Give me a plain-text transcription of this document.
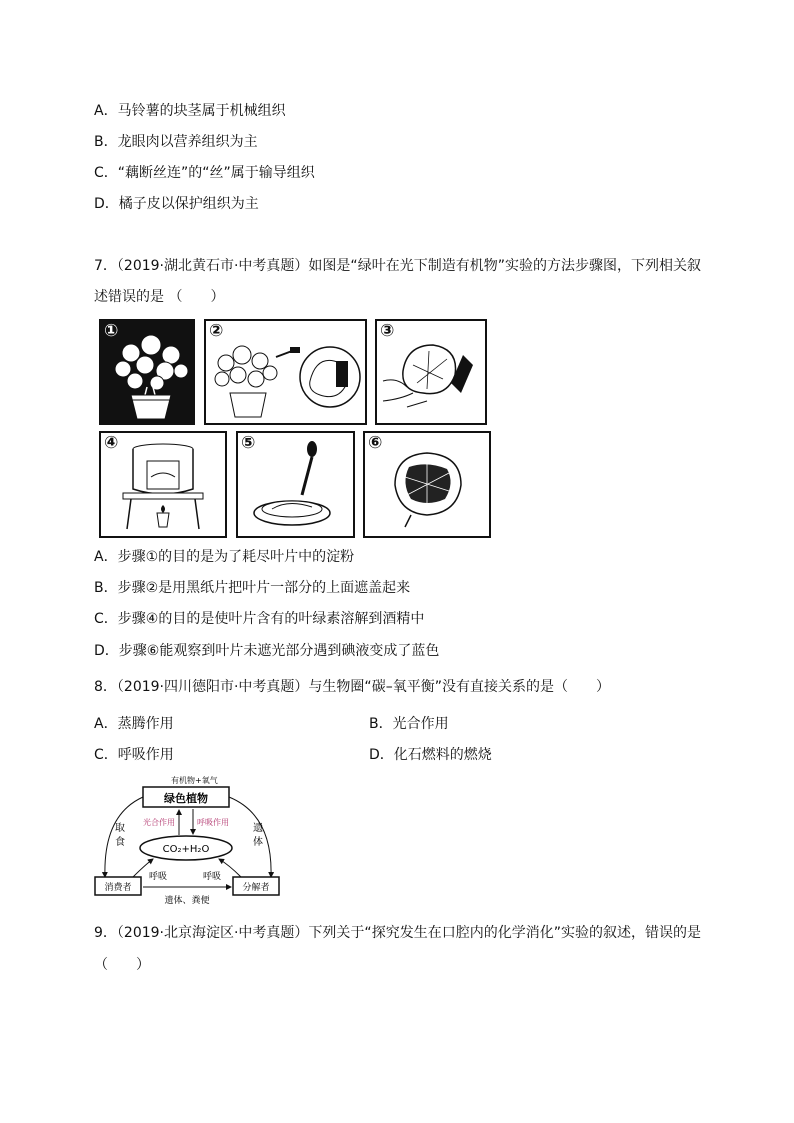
A．马铃薯的块茎属于机械组织
B．龙眼肉以营养组织为主
C．“藕断丝连”的“丝”属于输导组织
D．橘子皮以保护组织为主
7．（2019·湖北黄石市·中考真题）如图是“绿叶在光下制造有机物”实验的方法步骤图，下列相关叙
述错误的是 （　　）
①	②	③
④	⑤	⑥
A．步骤①的目的是为了耗尽叶片中的淀粉
B．步骤②是用黑纸片把叶片一部分的上面遮盖起来
C．步骤④的目的是使叶片含有的叶绿素溶解到酒精中
D．步骤⑥能观察到叶片未遮光部分遇到碘液变成了蓝色
8．（2019·四川德阳市·中考真题）与生物圈“碳–氧平衡”没有直接关系的是（　　）
A．蒸腾作用	B．光合作用
C．呼吸作用	D．化石燃料的燃烧
有机物+氧气
绿色植物
光合作用	呼吸作用
CO₂+H₂O
取
食
遗
体
消费者	分解者
呼吸	呼吸
遗体、粪便
9．（2019·北京海淀区·中考真题）下列关于“探究发生在口腔内的化学消化”实验的叙述，错误的是
（　　）
